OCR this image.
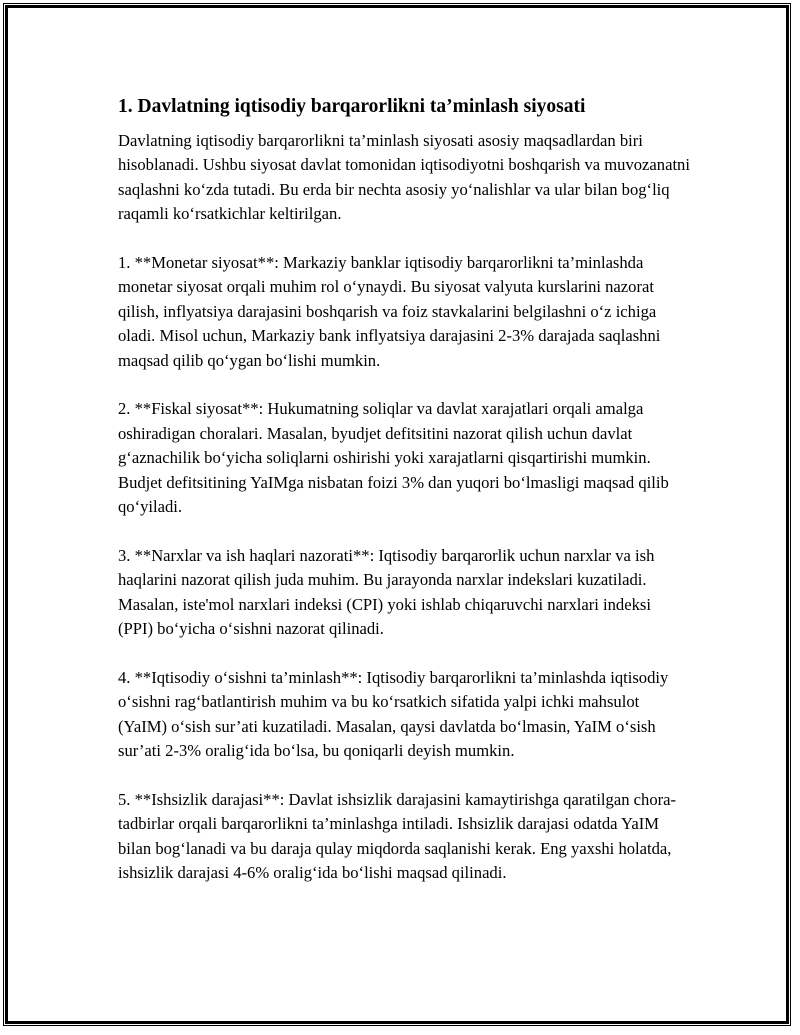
1. Davlatning iqtisodiy barqarorlikni ta’minlash siyosati

Davlatning iqtisodiy barqarorlikni ta’minlash siyosati asosiy maqsadlardan biri hisoblanadi. Ushbu siyosat davlat tomonidan iqtisodiyotni boshqarish va muvozanatni saqlashni koʻzda tutadi. Bu erda bir nechta asosiy yoʻnalishlar va ular bilan bogʻliq raqamli koʻrsatkichlar keltirilgan.

1. **Monetar siyosat**: Markaziy banklar iqtisodiy barqarorlikni ta’minlashda monetar siyosat orqali muhim rol oʻynaydi. Bu siyosat valyuta kurslarini nazorat qilish, inflyatsiya darajasini boshqarish va foiz stavkalarini belgilashni oʻz ichiga oladi. Misol uchun, Markaziy bank inflyatsiya darajasini 2-3% darajada saqlashni maqsad qilib qoʻygan boʻlishi mumkin.

2. **Fiskal siyosat**: Hukumatning soliqlar va davlat xarajatlari orqali amalga oshiradigan choralari. Masalan, byudjet defitsitini nazorat qilish uchun davlat gʻaznachilik boʻyicha soliqlarni oshirishi yoki xarajatlarni qisqartirishi mumkin. Budjet defitsitining YaIMga nisbatan foizi 3% dan yuqori boʻlmasligi maqsad qilib qoʻyiladi.

3. **Narxlar va ish haqlari nazorati**: Iqtisodiy barqarorlik uchun narxlar va ish haqlarini nazorat qilish juda muhim. Bu jarayonda narxlar indekslari kuzatiladi. Masalan, iste'mol narxlari indeksi (CPI) yoki ishlab chiqaruvchi narxlari indeksi (PPI) boʻyicha oʻsishni nazorat qilinadi.

4. **Iqtisodiy oʻsishni ta’minlash**: Iqtisodiy barqarorlikni ta’minlashda iqtisodiy oʻsishni ragʻbatlantirish muhim va bu koʻrsatkich sifatida yalpi ichki mahsulot (YaIM) oʻsish sur’ati kuzatiladi. Masalan, qaysi davlatda boʻlmasin, YaIM oʻsish sur’ati 2-3% oraligʻida boʻlsa, bu qoniqarli deyish mumkin.

5. **Ishsizlik darajasi**: Davlat ishsizlik darajasini kamaytirishga qaratilgan chora-tadbirlar orqali barqarorlikni ta’minlashga intiladi. Ishsizlik darajasi odatda YaIM bilan bogʻlanadi va bu daraja qulay miqdorda saqlanishi kerak. Eng yaxshi holatda, ishsizlik darajasi 4-6% oraligʻida boʻlishi maqsad qilinadi.
